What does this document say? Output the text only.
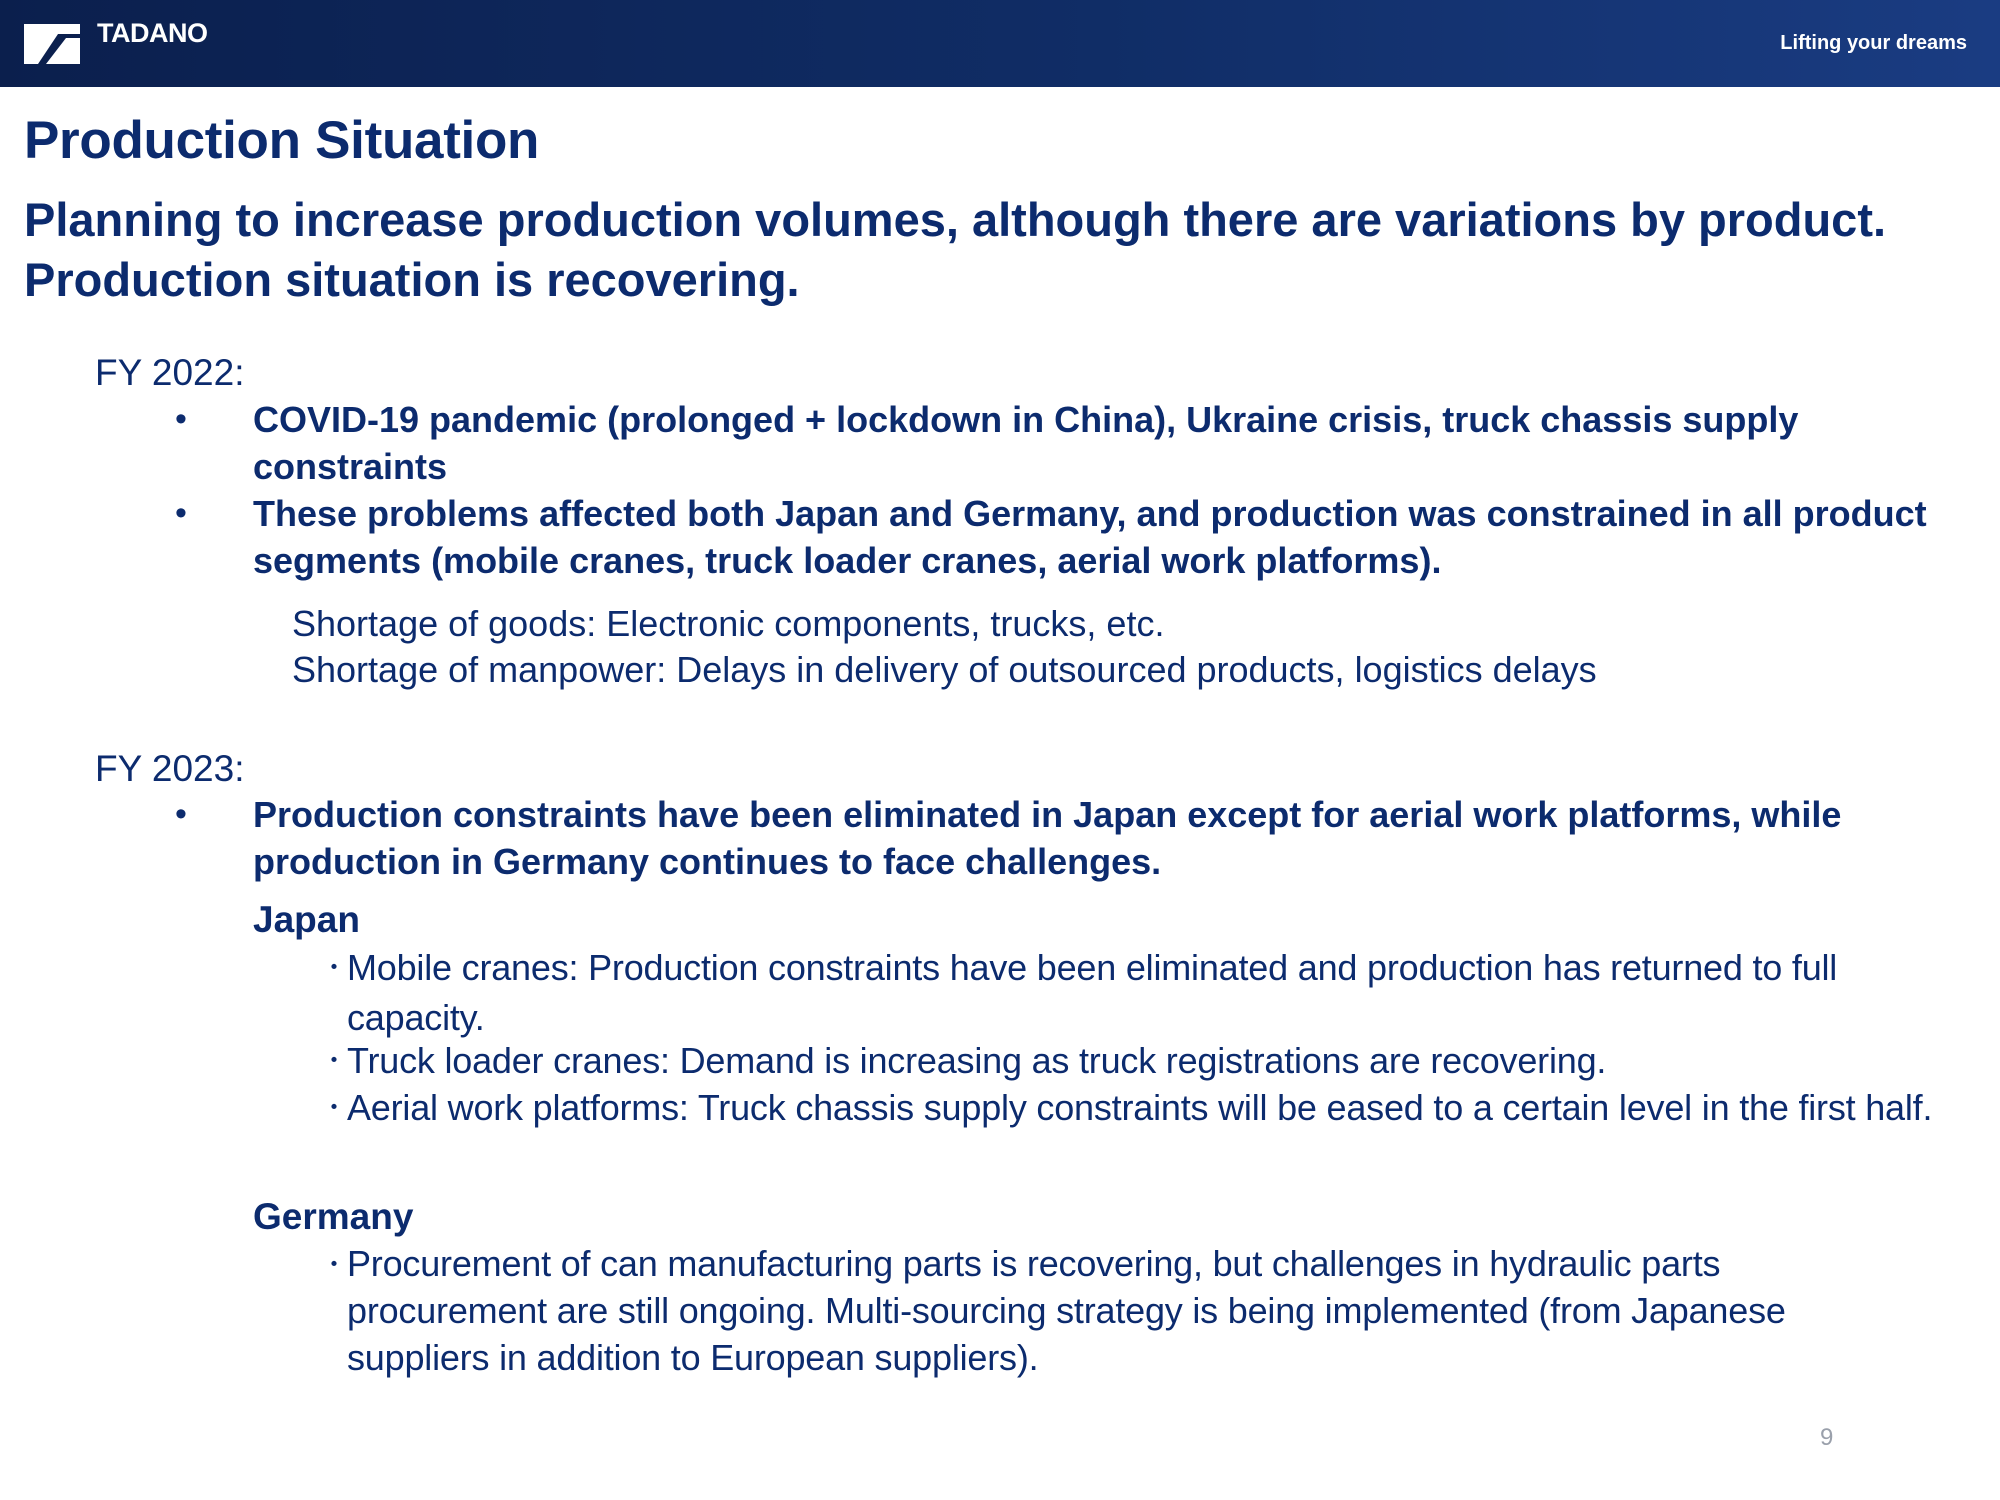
TADANO	Lifting your dreams
Production Situation
Planning to increase production volumes, although there are variations by product.
Production situation is recovering.
FY 2022:
• COVID-19 pandemic (prolonged + lockdown in China), Ukraine crisis, truck chassis supply constraints
• These problems affected both Japan and Germany, and production was constrained in all product segments (mobile cranes, truck loader cranes, aerial work platforms).
Shortage of goods: Electronic components, trucks, etc.
Shortage of manpower: Delays in delivery of outsourced products, logistics delays
FY 2023:
• Production constraints have been eliminated in Japan except for aerial work platforms, while production in Germany continues to face challenges.
Japan
・
Mobile cranes: Production constraints have been eliminated and production has returned to full capacity.
・
Truck loader cranes: Demand is increasing as truck registrations are recovering.
・
Aerial work platforms: Truck chassis supply constraints will be eased to a certain level in the first half.
Germany
・
Procurement of can manufacturing parts is recovering, but challenges in hydraulic parts procurement are still ongoing. Multi-sourcing strategy is being implemented (from Japanese suppliers in addition to European suppliers).
9
